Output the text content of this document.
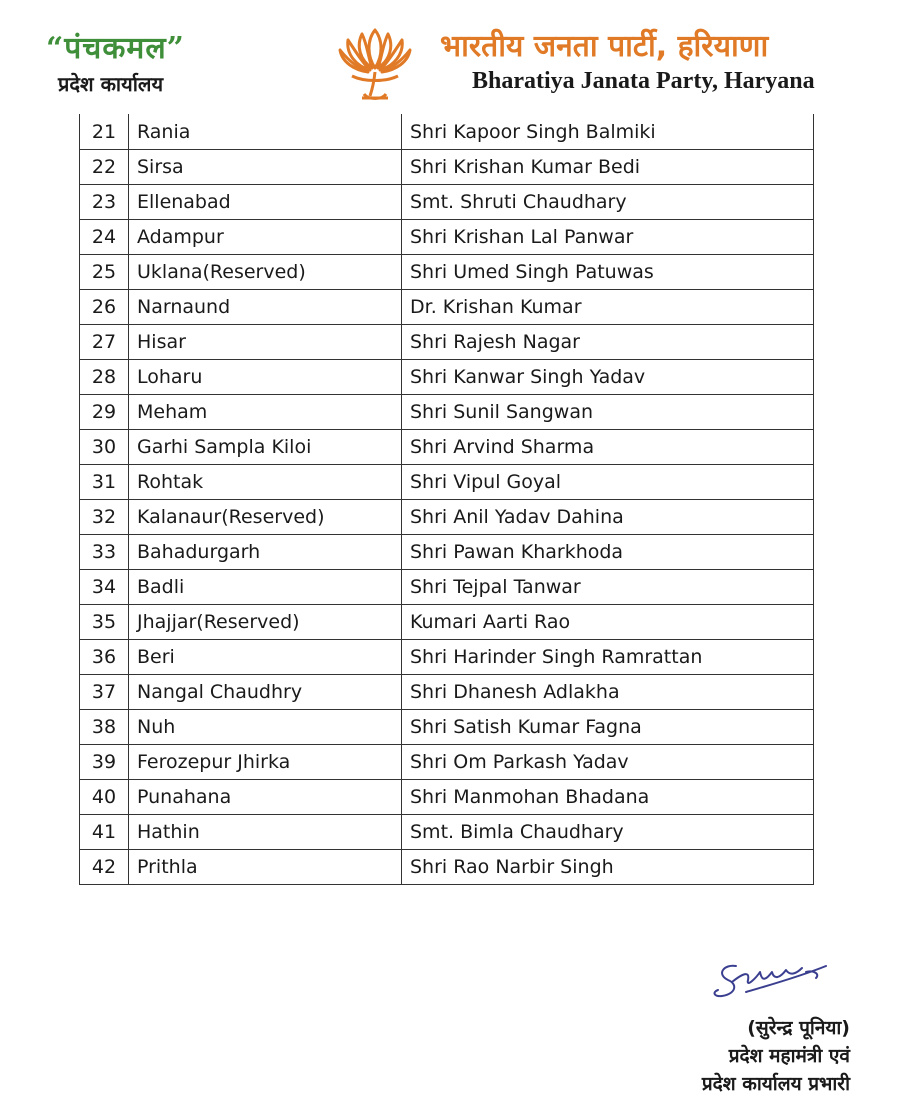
“पंचकमल”

प्रदेश कार्यालय

भारतीय जनता पार्टी, हरियाणा

Bharatiya Janata Party, Haryana

21	Rania	Shri Kapoor Singh Balmiki
22	Sirsa	Shri Krishan Kumar Bedi
23	Ellenabad	Smt. Shruti Chaudhary
24	Adampur	Shri Krishan Lal Panwar
25	Uklana(Reserved)	Shri Umed Singh Patuwas
26	Narnaund	Dr. Krishan Kumar
27	Hisar	Shri Rajesh Nagar
28	Loharu	Shri Kanwar Singh Yadav
29	Meham	Shri Sunil Sangwan
30	Garhi Sampla Kiloi	Shri Arvind Sharma
31	Rohtak	Shri Vipul Goyal
32	Kalanaur(Reserved)	Shri Anil Yadav Dahina
33	Bahadurgarh	Shri Pawan Kharkhoda
34	Badli	Shri Tejpal Tanwar
35	Jhajjar(Reserved)	Kumari Aarti Rao
36	Beri	Shri Harinder Singh Ramrattan
37	Nangal Chaudhry	Shri Dhanesh Adlakha
38	Nuh	Shri Satish Kumar Fagna
39	Ferozepur Jhirka	Shri Om Parkash Yadav
40	Punahana	Shri Manmohan Bhadana
41	Hathin	Smt. Bimla Chaudhary
42	Prithla	Shri Rao Narbir Singh
(सुरेन्द्र पूनिया)
प्रदेश महामंत्री एवं
प्रदेश कार्यालय प्रभारी
